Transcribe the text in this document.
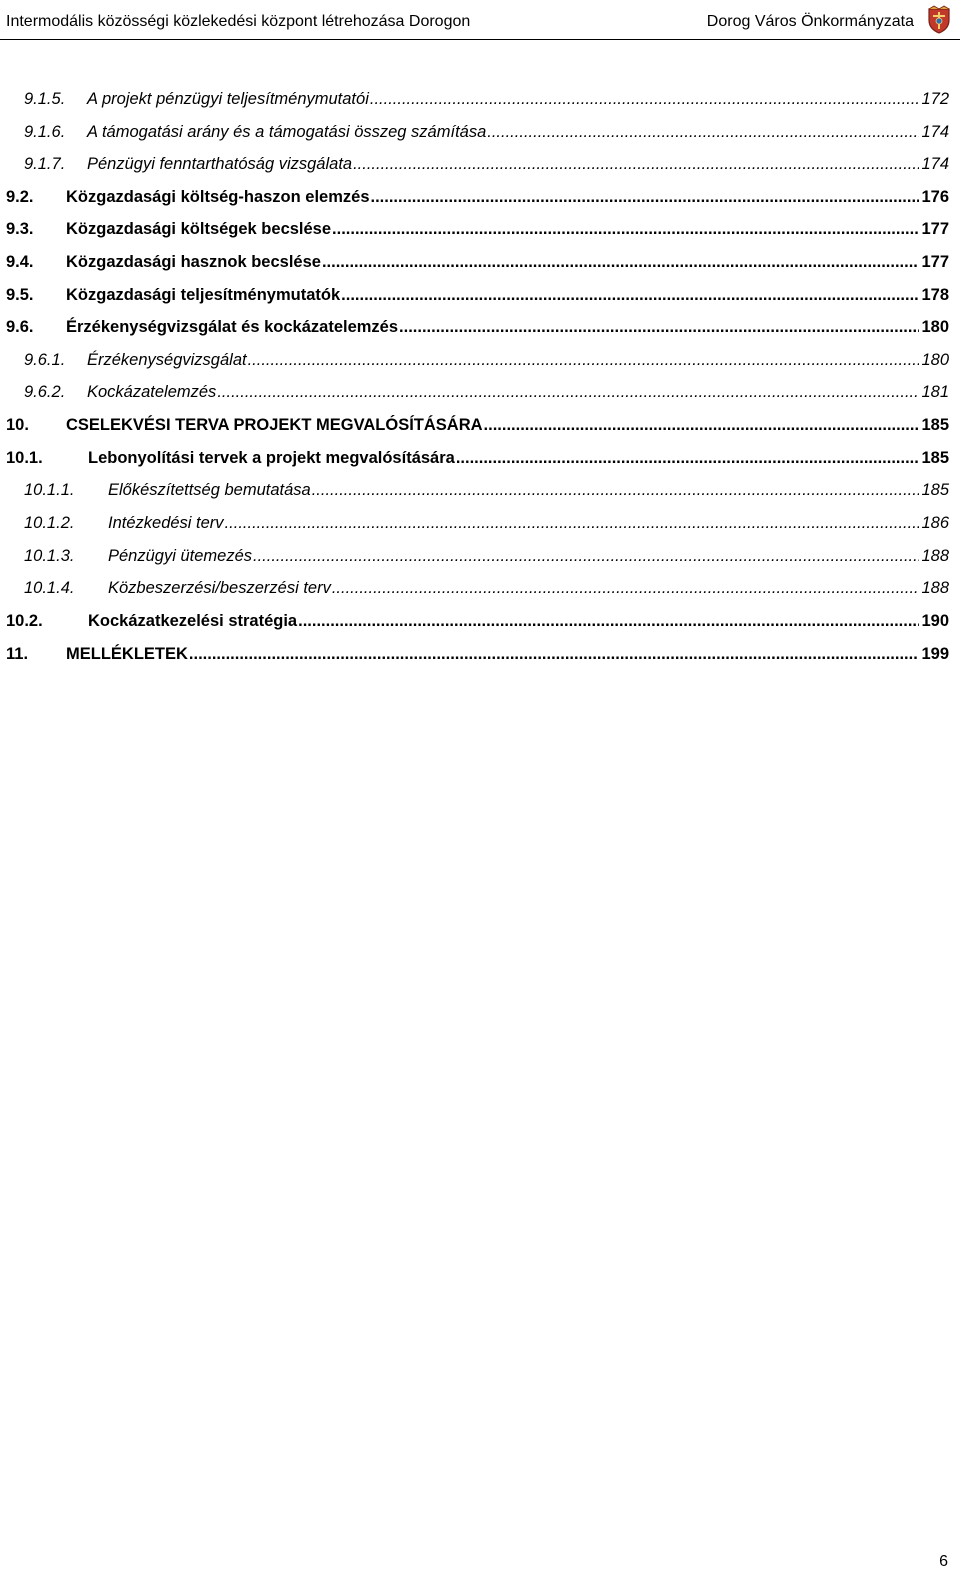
Intermodális közösségi közlekedési központ létrehozása Dorogon	Dorog Város Önkormányzata
9.1.5.	A projekt pénzügyi teljesítménymutatói .....	172
9.1.6.	A támogatási arány és a támogatási összeg számítása .....	174
9.1.7.	Pénzügyi fenntarthatóság vizsgálata .....	174
9.2.	Közgazdasági költség-haszon elemzés .....	176
9.3.	Közgazdasági költségek becslése .....	177
9.4.	Közgazdasági hasznok becslése .....	177
9.5.	Közgazdasági teljesítménymutatók .....	178
9.6.	Érzékenységvizsgálat és kockázatelemzés .....	180
9.6.1.	Érzékenységvizsgálat .....	180
9.6.2.	Kockázatelemzés .....	181
10.	CSELEKVÉSI TERVA PROJEKT MEGVALÓSÍTÁSÁRA .....	185
10.1.	Lebonyolítási tervek a projekt megvalósítására .....	185
10.1.1.	Előkészítettség bemutatása .....	185
10.1.2.	Intézkedési terv .....	186
10.1.3.	Pénzügyi ütemezés .....	188
10.1.4.	Közbeszerzési/beszerzési terv .....	188
10.2.	Kockázatkezelési stratégia .....	190
11.	MELLÉKLETEK .....	199
6
